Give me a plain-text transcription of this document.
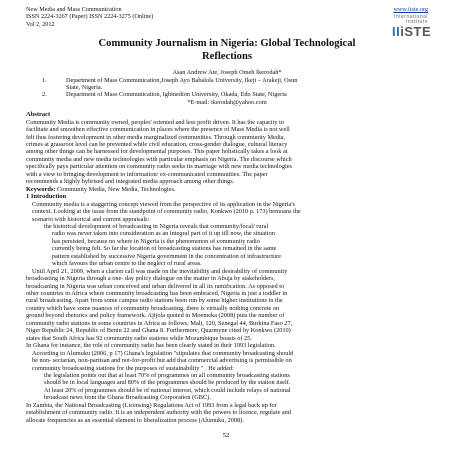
New Media and Mass Communication
ISSN 2224-3267 (Paper) ISSN 2224-3275 (Online)
Vol 2, 2012
www.iiste.org
International Institute
IIiSTE
Community Journalism in Nigeria: Global Technological
Reflections
Asan Andrew Ate, Joseph Omeh Ikerodah*
1.	Department of Mass Communication,Joseph Ayo Babalola University, Ikeji – Arakeji, Osun
State, Nigeria.
2.	Department of Mass Communication, Igbinedion University, Okada, Edo State, Nigeria
*E-mail: ikerodah@yahoo.com
Abstract

Community Media is community owned, peoples' oriented and less profit driven. It has the capacity to

facilitate and smoothen effective communication in places where the presence of Mass Media is not well

felt thus fostering development in other media marginalized communities. Through community Media,

crimes at grassroot level can be prevented while civil education, cross-gender dialogue, cultural literacy

among other things can be harnessed for developmental purposes. This paper holistically takes a look at

community media and new media technologies with particular emphasis on Nigeria. The discourse which

specifically pays particular attention on community radio seeks its marriage with new media technologies

with a view to bringing development to information/ ex-communicated communities. The paper

recommends a highly hybrised and integrated media approach among other things.

Keywords: Community Media, New Media, Technologies.
1 Introduction

Community media is a staggering concept viewed from the perspective of its application in the Nigeria's

context. Looking at the issue from the standpoint of community radio, Konkwo (2010 p. 173) bemoans the

scenario with historical and current appraisals:

the historical development of broadcasting in Nigeria reveals that community/local/ rural

radio was never taken into consideration as an integral part of it up till now, the situation

has persisted, because no where in Nigeria is the phenomenon of community radio

currently being felt. So far the location of broadcasting stations has remained in the same

pattern established by successive Nigeria government in the concentration of infrastructure

which favours the urban centre to the neglect of rural areas.

Until April 21, 2009, when a clarion call was made on the inevitability and desirability of community

broadcasting in Nigeria through a one- day policy dialogue on the matter in Abuja by stakeholders,

broadcasting in Nigeria was urban conceived and urban delivered in all its ramification. As opposed to

other countries in Africa where community broadcasting has been embraced, Nigeria in just a toddler in

rural broadcasting. Apart from some campus radio stations been run by some higher institutions in the

country which have some nuances of community broadcasting, there is virtually nothing concrete on

ground beyond rhetorics and policy framework. Ajijola quoted in Moemeka (2008) puts the number of

community radio stations in some countries in Africa as follows; Mali, 120, Senegal 44, Burkina Faso 27,

Niger Republic 24, Republic of Benin 22 and Ghana 8. Furthermore, Quarmyne cited by Konkwo (2010)

states that South Africa has 92 community radio stations while Mozambique boasts of 25.

In Ghana for instance, the role of community radio has been clearly stated in their 1993 legislation.

According to Alumuku (2006, p 17) Ghana's legislation "stipulates that community broadcasting should

be non- sectarian, non-partisan and not-for-profit but add that commercial advertising is permissible on

community broadcasting stations for the purposes of sustainability " . He added:

the legislation points out that at least 70% of programmes on all community broadcasting stations

should be in local languages and 80% of the programmes should be produced by the station itself.

At least 20% of programmes should be of national interest, which could include relays of national

broadcast news from the Ghana Broadcasting Corporation (GBC).

In Zambia, the National Broadcasting (Licensing) Regulations Act of 1993 from a legal back up for

establishment of community radio. It is an independent authority with the powers to licence, regulate and

allocate frequencies as an essential element to liberalization process (Alumuku, 2008).

52
